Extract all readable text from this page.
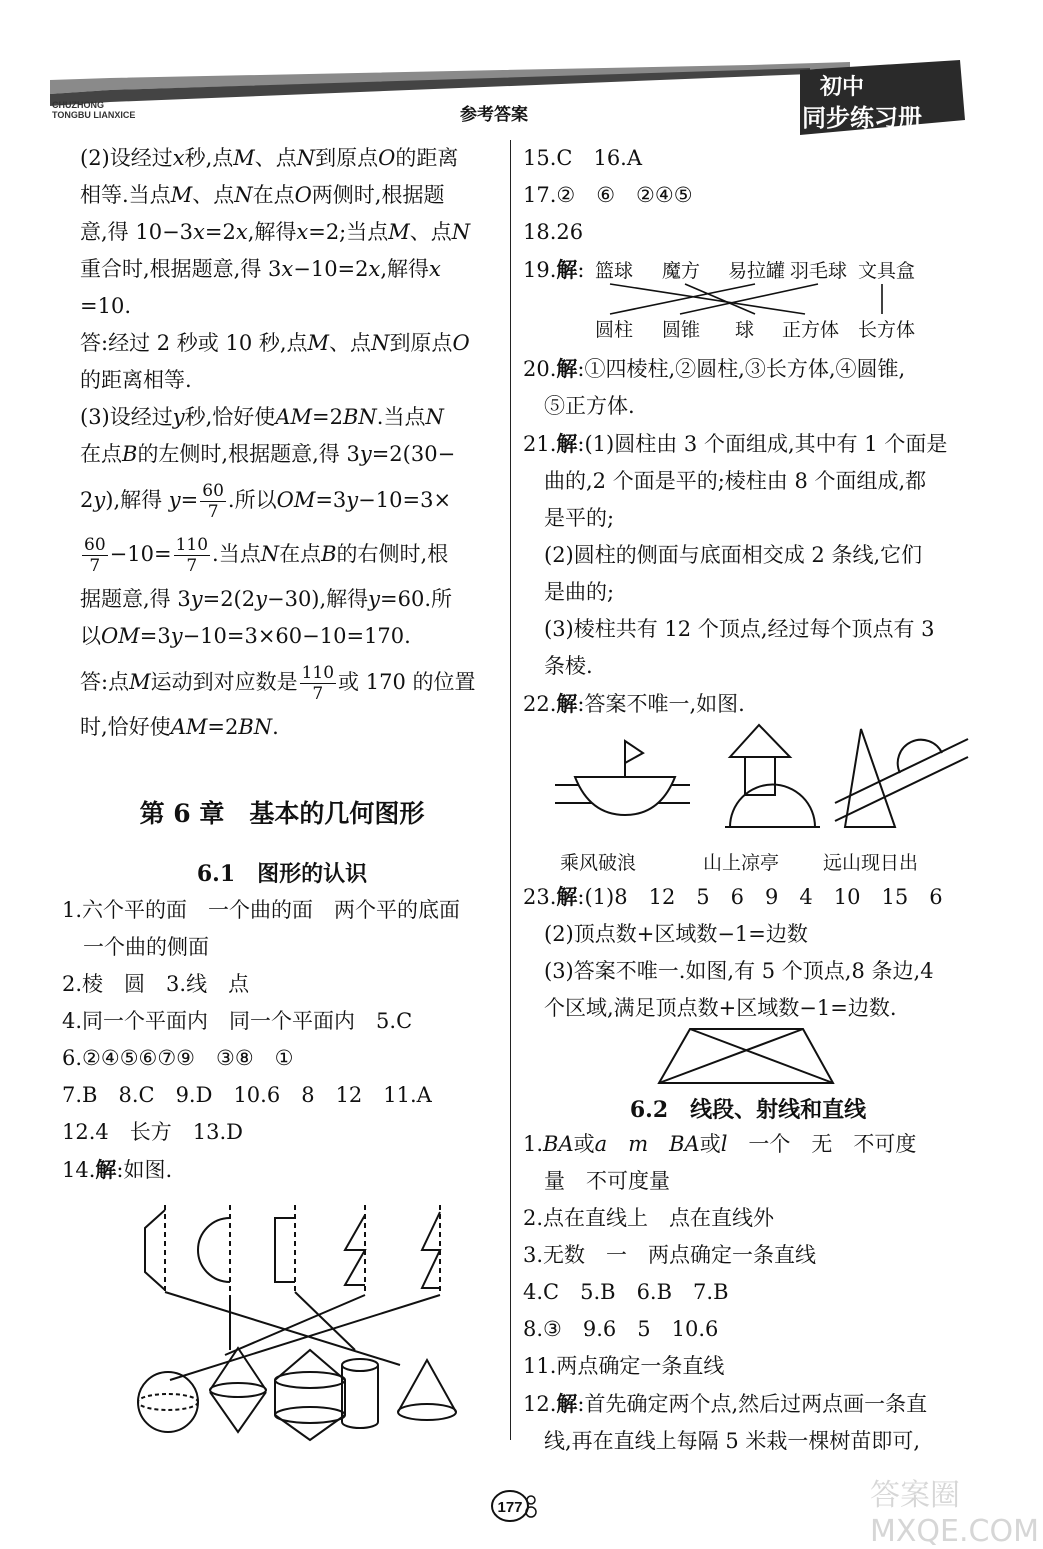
CHUZHONG
TONGBU LIANXICE	参考答案
初中
同步练习册
(2)设经过x秒,点M、点N到原点O的距离
相等.当点M、点N在点O两侧时,根据题
意,得 10−3x=2x,解得x=2;当点M、点N
重合时,根据题意,得 3x−10=2x,解得x
=10.
答:经过 2 秒或 10 秒,点M、点N到原点O
的距离相等.
(3)设经过y秒,恰好使AM=2BN.当点N
在点B的左侧时,根据题意,得 3y=2(30−
2y),解得 $y= \frac{60}{7}$ .所以OM=3y−10=3×
$\frac{60}{7} -10= \frac{110}{7}$ .当点N在点B的右侧时,根
据题意,得 3y=2(2y−30),解得y=60.所
以OM=3y−10=3×60−10=170.
答:点M运动到对应数是 $\frac{110}{7}$ 或 170 的位置
时,恰好使AM=2BN.
第 6 章　基本的几何图形
6.1　图形的认识
1.六个平的面　一个曲的面　两个平的底面
　一个曲的侧面
2.棱　圆　3.线　点
4.同一个平面内　同一个平面内　5.C
6.②④⑤⑥⑦⑨　③⑧　①
7.B　8.C　9.D　10.6　8　12　11.A
12.4　长方　13.D
14.解:如图.
15.C　16.A
17.②　⑥　②④⑤
18.26
19.解: 篮球 魔方 易拉罐 羽毛球 文具盒
圆柱 圆锥 球 正方体 长方体
20.解:①四棱柱,②圆柱,③长方体,④圆锥,
　⑤正方体.
21.解:(1)圆柱由 3 个面组成,其中有 1 个面是
　曲的,2 个面是平的;棱柱由 8 个面组成,都
　是平的;
　(2)圆柱的侧面与底面相交成 2 条线,它们
　是曲的;
　(3)棱柱共有 12 个顶点,经过每个顶点有 3
　条棱.
22.解:答案不唯一,如图.
乘风破浪	山上凉亭 远山现日出
23.解:(1)8　12　5　6　9　4　10　15　6
　(2)顶点数+区域数−1=边数
　(3)答案不唯一.如图,有 5 个顶点,8 条边,4
　个区域,满足顶点数+区域数−1=边数.
6.2　线段、射线和直线
1.BA或a　 m　 BA或l　一个　无　不可度
　量　不可度量
2.点在直线上　点在直线外
3.无数　一　两点确定一条直线
4.C　5.B　6.B　7.B
8.③　9.6　5　10.6
11.两点确定一条直线
12.解:首先确定两个点,然后过两点画一条直
　线,再在直线上每隔 5 米栽一棵树苗即可,
177	答案圈 MXQE.COM
